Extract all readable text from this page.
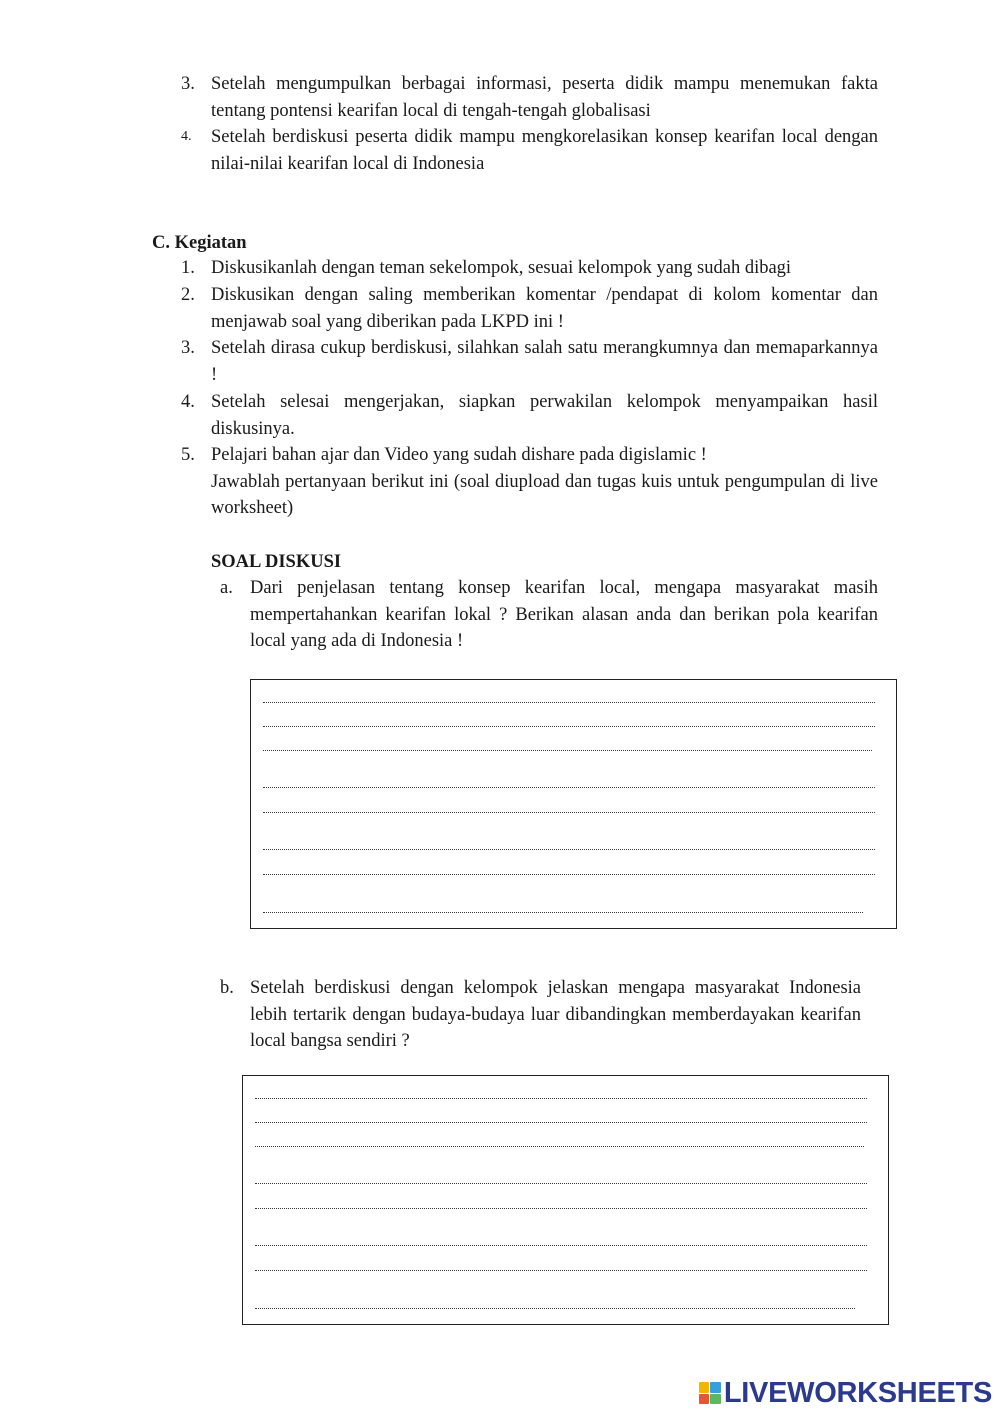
3. Setelah mengumpulkan berbagai informasi, peserta didik mampu menemukan fakta tentang pontensi kearifan local di tengah-tengah globalisasi
4. Setelah berdiskusi peserta didik mampu mengkorelasikan konsep kearifan local dengan nilai-nilai kearifan local di Indonesia
C. Kegiatan
1. Diskusikanlah dengan teman sekelompok, sesuai kelompok yang sudah dibagi
2. Diskusikan dengan saling memberikan komentar /pendapat di kolom komentar dan menjawab soal yang diberikan pada LKPD ini !
3. Setelah dirasa cukup berdiskusi, silahkan salah satu merangkumnya dan memaparkannya !
4. Setelah selesai mengerjakan, siapkan perwakilan kelompok menyampaikan hasil diskusinya.
5. Pelajari bahan ajar dan Video yang sudah dishare pada digislamic !
Jawablah pertanyaan berikut ini (soal diupload dan tugas kuis untuk pengumpulan di live worksheet)
SOAL DISKUSI
a. Dari penjelasan tentang konsep kearifan local, mengapa masyarakat masih mempertahankan kearifan lokal ? Berikan alasan anda dan berikan pola kearifan local yang ada di Indonesia !
b. Setelah berdiskusi dengan kelompok jelaskan mengapa masyarakat Indonesia lebih tertarik dengan budaya-budaya luar dibandingkan memberdayakan kearifan local bangsa sendiri ?
LIVEWORKSHEETS
